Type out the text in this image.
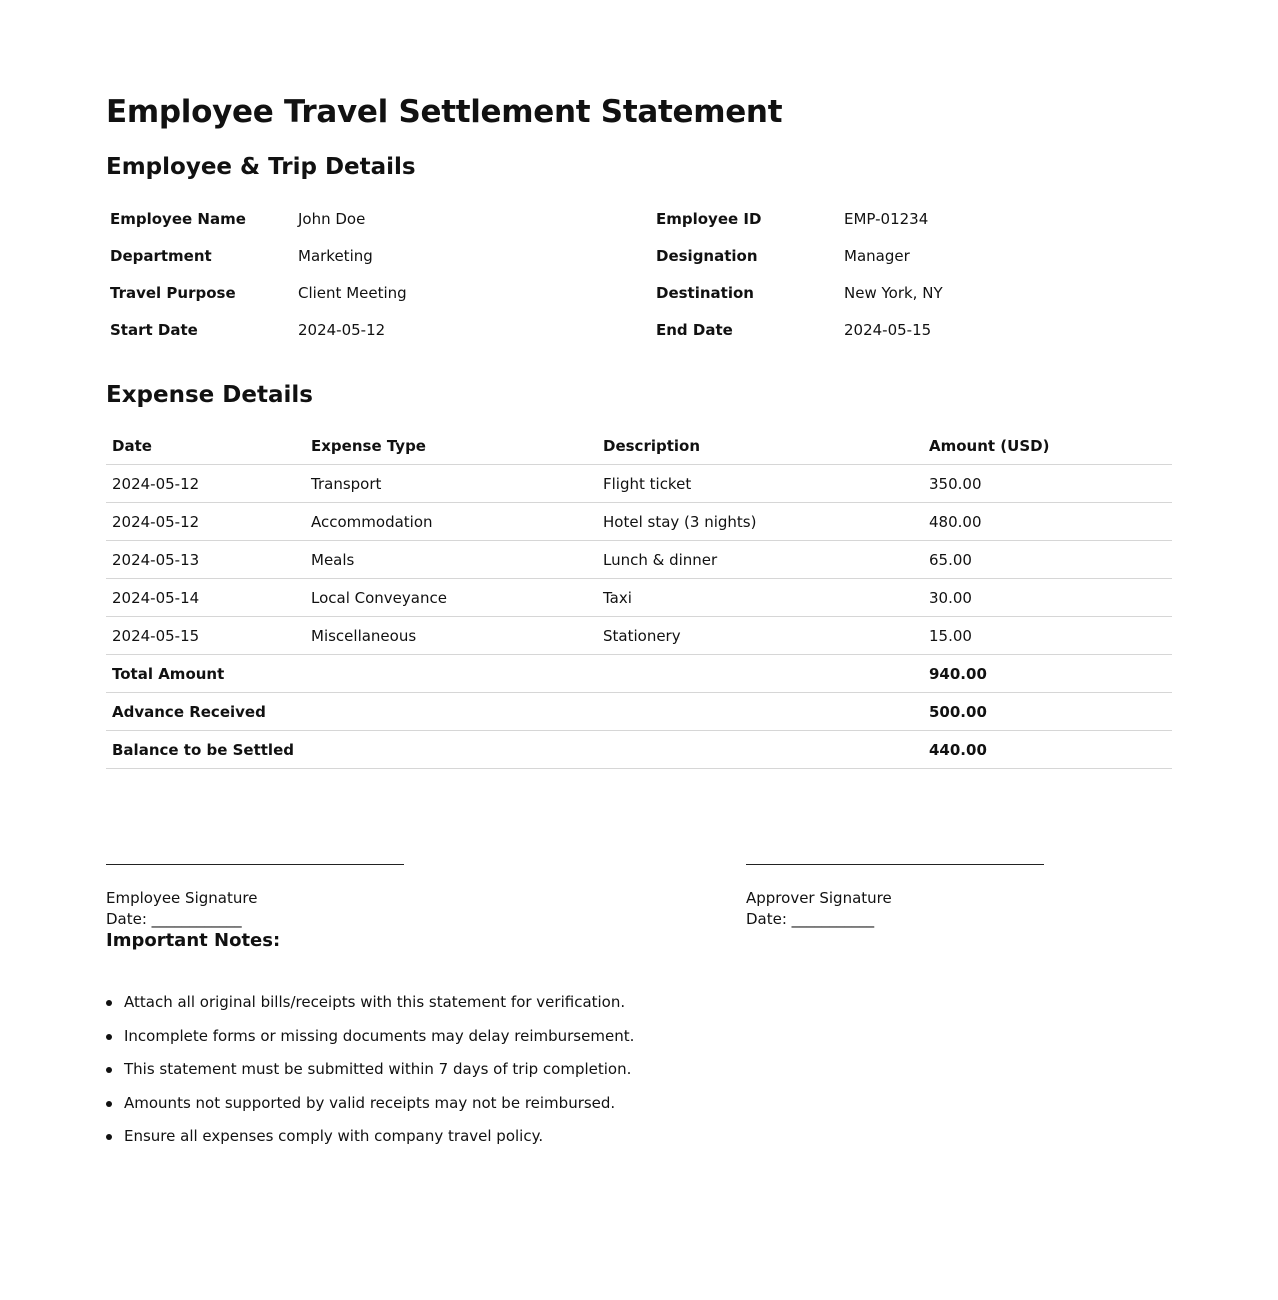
Employee Travel Settlement Statement
Employee & Trip Details
Employee Name	John Doe	Employee ID	EMP-01234
Department	Marketing	Designation	Manager
Travel Purpose	Client Meeting	Destination	New York, NY
Start Date	2024-05-12	End Date	2024-05-15
Expense Details
Date	Expense Type	Description	Amount (USD)
2024-05-12	Transport	Flight ticket	350.00
2024-05-12	Accommodation	Hotel stay (3 nights)	480.00
2024-05-13	Meals	Lunch & dinner	65.00
2024-05-14	Local Conveyance	Taxi	30.00
2024-05-15	Miscellaneous	Stationery	15.00
Total Amount			940.00
Advance Received			500.00
Balance to be Settled			440.00
Employee Signature
Date: ____________
Approver Signature
Date: ___________
Important Notes:
Attach all original bills/receipts with this statement for verification.
Incomplete forms or missing documents may delay reimbursement.
This statement must be submitted within 7 days of trip completion.
Amounts not supported by valid receipts may not be reimbursed.
Ensure all expenses comply with company travel policy.
